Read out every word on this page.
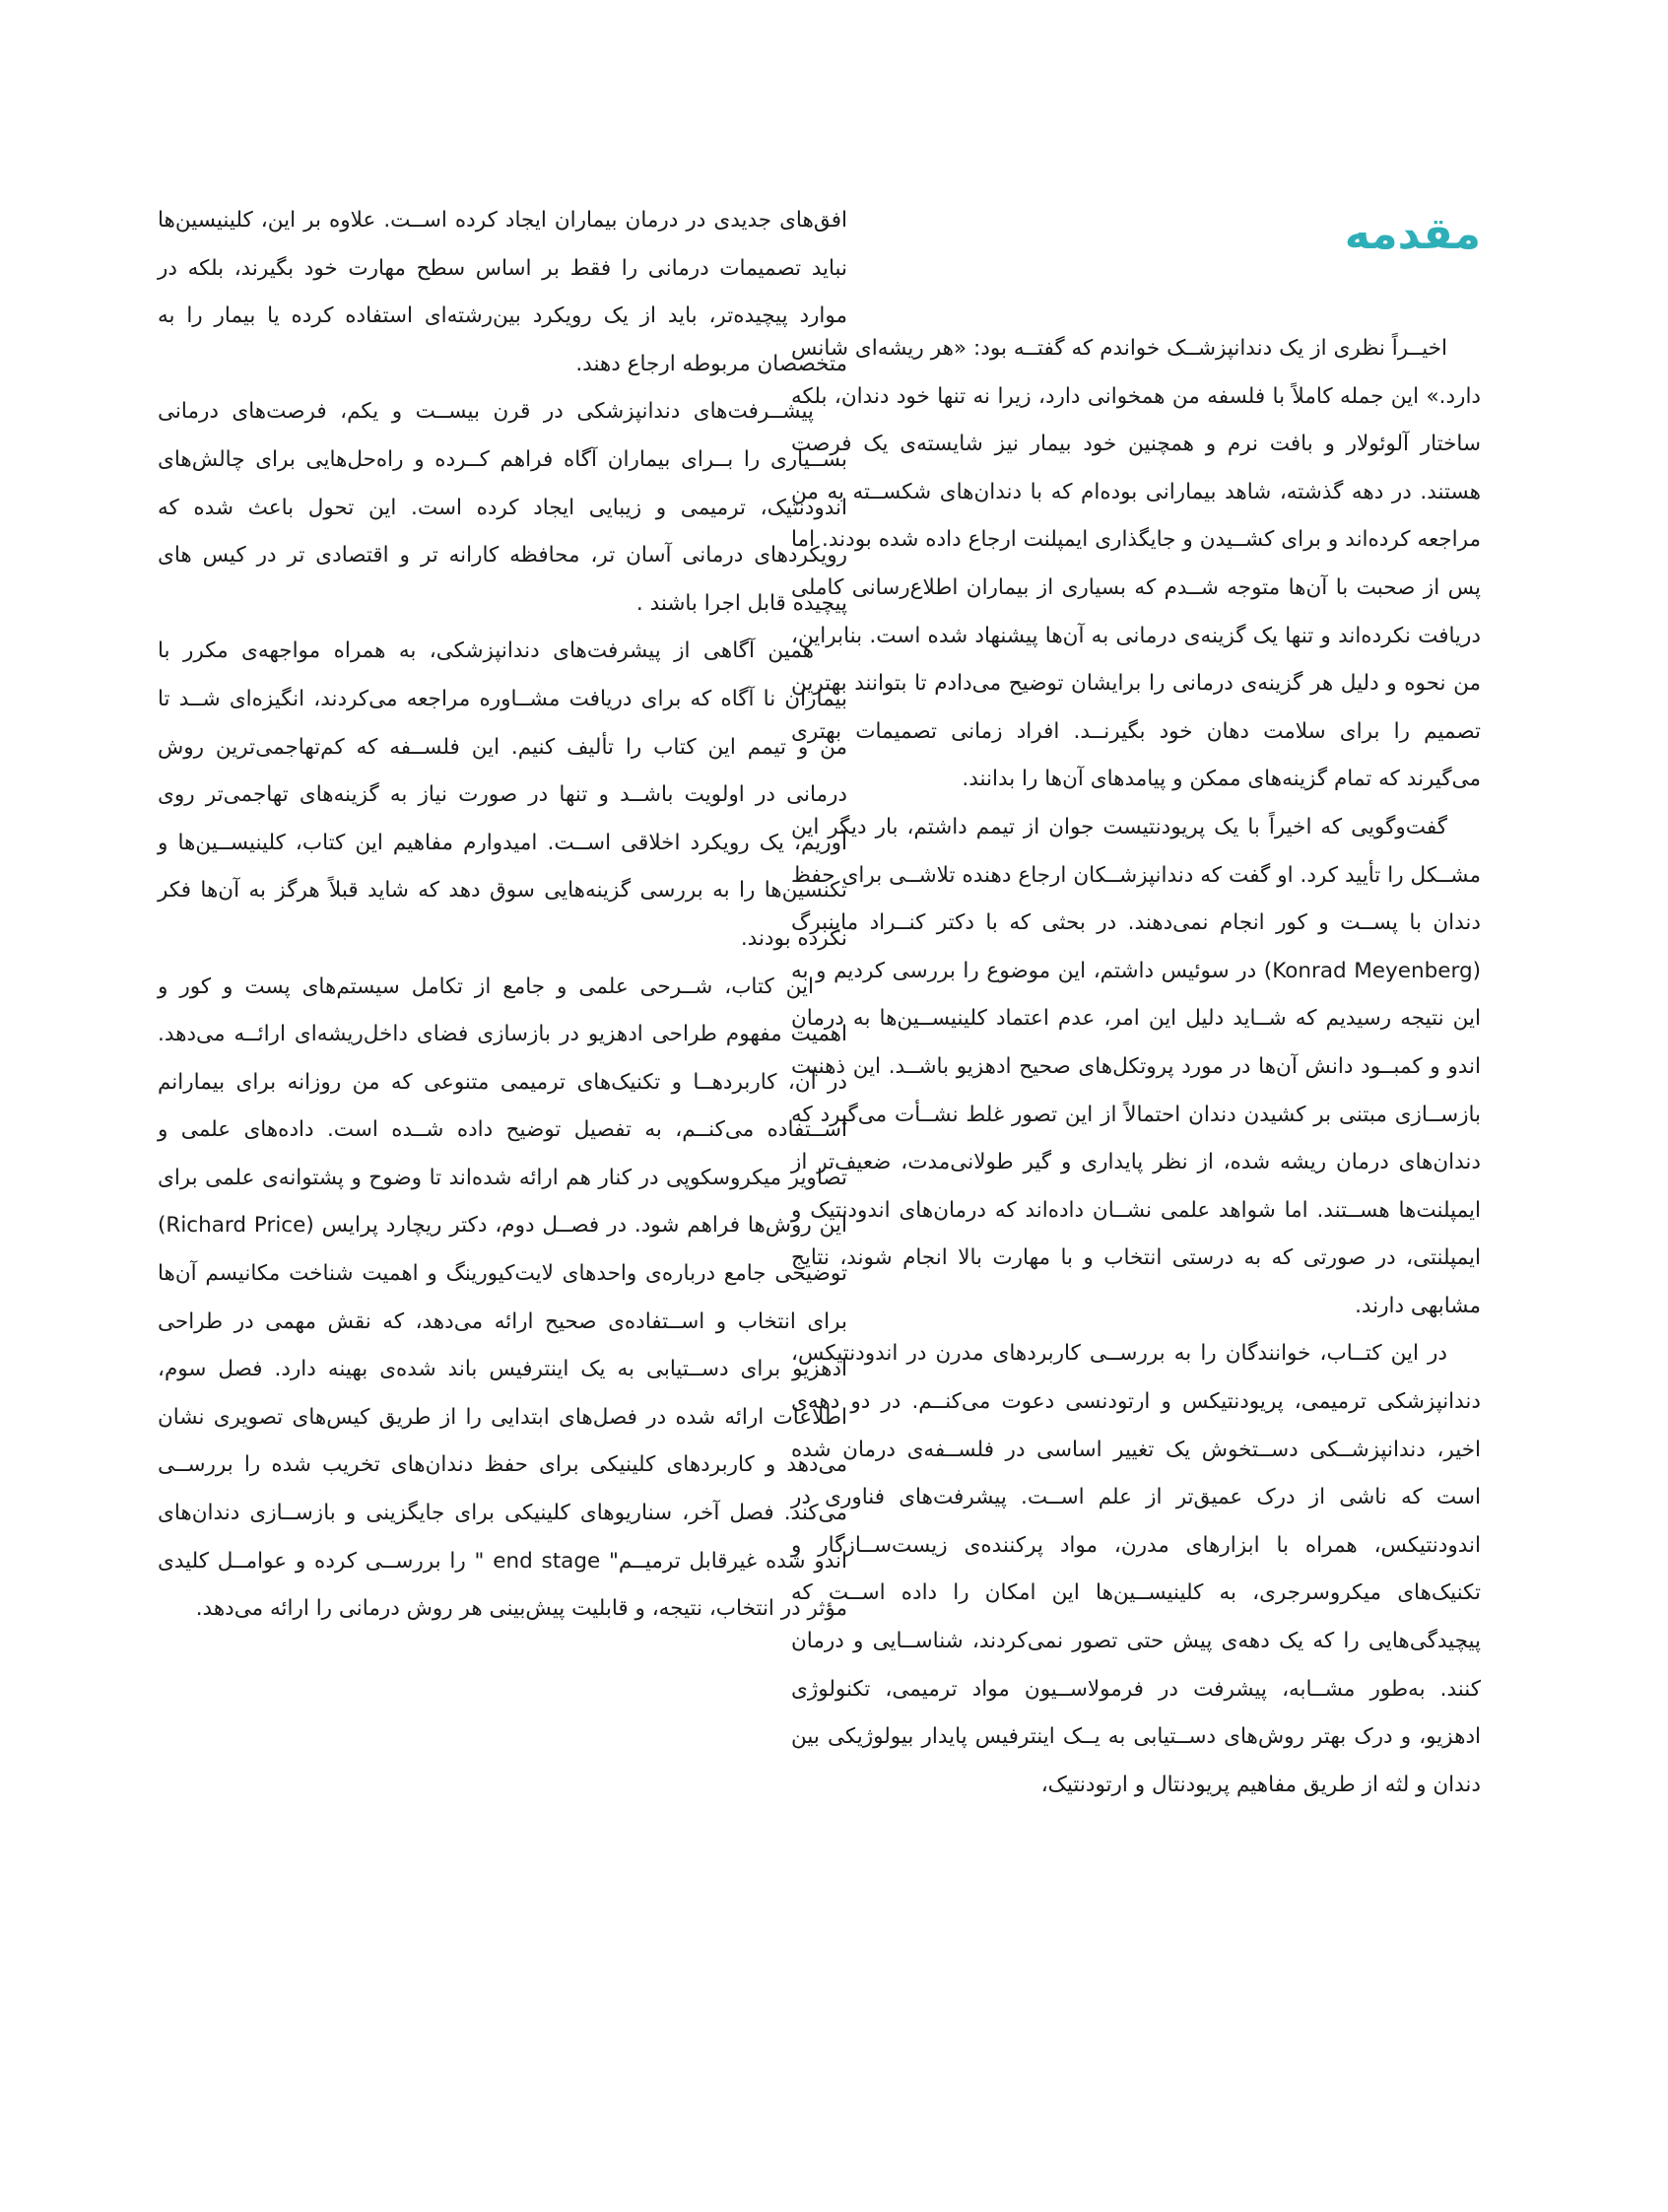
مقدمه

اخیــراً نظری از یک دندانپزشــک خواندم که گفتــه بود: «هر ریشه‌ای شانس دارد.» این جمله کاملاً با فلسفه من همخوانی دارد، زیرا نه تنها خود دندان، بلکه ساختار آلوئولار و بافت نرم و همچنین خود بیمار نیز شایسته‌ی یک فرصت هستند. در دهه گذشته، شاهد بیمارانی بوده‌ام که با دندان‌های شکســته به من مراجعه کرده‌اند و برای کشــیدن و جایگذاری ایمپلنت ارجاع داده شده بودند. اما پس از صحبت با آن‌ها متوجه شــدم که بسیاری از بیماران اطلاع‌رسانی کاملی دریافت نکرده‌اند و تنها یک گزینه‌ی درمانی به آن‌ها پیشنهاد شده است. بنابراین، من نحوه و دلیل هر گزینه‌ی درمانی را برایشان توضیح می‌دادم تا بتوانند بهترین تصمیم را برای سلامت دهان خود بگیرنــد. افراد زمانی تصمیمات بهتری می‌گیرند که تمام گزینه‌های ممکن و پیامدهای آن‌ها را بدانند.

گفت‌وگویی که اخیراً با یک پریودنتیست جوان از تیمم داشتم، بار دیگر این مشــکل را تأیید کرد. او گفت که دندانپزشــکان ارجاع دهنده تلاشــی برای حفظ دندان با پســت و کور انجام نمی‌دهند. در بحثی که با دکتر کنــراد ماینبرگ (Konrad Meyenberg) در سوئیس داشتم، این موضوع را بررسی کردیم و به این نتیجه رسیدیم که شــاید دلیل این امر، عدم اعتماد کلینیســین‌ها به درمان اندو و کمبــود دانش آن‌ها در مورد پروتکل‌های صحیح ادهزیو باشــد. این ذهنیت بازســازی مبتنی بر کشیدن دندان احتمالاً از این تصور غلط نشــأت می‌گیرد که دندان‌های درمان ریشه شده، از نظر پایداری و گیر طولانی‌مدت، ضعیف‌تر از ایمپلنت‌ها هســتند. اما شواهد علمی نشــان داده‌اند که درمان‌های اندودنتیک و ایمپلنتی، در صورتی که به درستی انتخاب و با مهارت بالا انجام شوند، نتایج مشابهی دارند.

در این کتــاب، خوانندگان را به بررســی کاربردهای مدرن در اندودنتیکس، دندانپزشکی ترمیمی، پریودنتیکس و ارتودنسی دعوت می‌کنــم. در دو دهه‌ی اخیر، دندانپزشــکی دســتخوش یک تغییر اساسی در فلســفه‌ی درمان شده است که ناشی از درک عمیق‌تر از علم اســت. پیشرفت‌های فناوری در اندودنتیکس، همراه با ابزارهای مدرن، مواد پرکننده‌ی زیست‌ســازگار و تکنیک‌های میکروسرجری، به کلینیســین‌ها این امکان را داده اســت که پیچیدگی‌هایی را که یک دهه‌ی پیش حتی تصور نمی‌کردند، شناســایی و درمان کنند. به‌طور مشــابه، پیشرفت در فرمولاســیون مواد ترمیمی، تکنولوژی ادهزیو، و درک بهتر روش‌های دســتیابی به یــک اینترفیس پایدار بیولوژیکی بین دندان و لثه از طریق مفاهیم پریودنتال و ارتودنتیک،

افق‌های جدیدی در درمان بیماران ایجاد کرده اســت. علاوه بر این، کلینیسین‌ها نباید تصمیمات درمانی را فقط بر اساس سطح مهارت خود بگیرند، بلکه در موارد پیچیده‌تر، باید از یک رویکرد بین‌رشته‌ای استفاده کرده یا بیمار را به متخصصان مربوطه ارجاع دهند.

پیشــرفت‌های دندانپزشکی در قرن بیســت و یکم، فرصت‌های درمانی بســیاری را بــرای بیماران آگاه فراهم کــرده و راه‌حل‌هایی برای چالش‌های اندودنتیک، ترمیمی و زیبایی ایجاد کرده است. این تحول باعث شده که رویکردهای درمانی آسان تر، محافظه کارانه تر و اقتصادی تر در کیس های پیچیده قابل اجرا باشند .

همین آگاهی از پیشرفت‌های دندانپزشکی، به همراه مواجهه‌ی مکرر با بیماران نا آگاه که برای دریافت مشــاوره مراجعه می‌کردند، انگیزه‌ای شــد تا من و تیمم این کتاب را تألیف کنیم. این فلســفه که کم‌تهاجمی‌ترین روش درمانی در اولویت باشــد و تنها در صورت نیاز به گزینه‌های تهاجمی‌تر روی آوریم، یک رویکرد اخلاقی اســت. امیدوارم مفاهیم این کتاب، کلینیســین‌ها و تکنسین‌ها را به بررسی گزینه‌هایی سوق دهد که شاید قبلاً هرگز به آن‌ها فکر نکرده بودند.

این کتاب، شــرحی علمی و جامع از تکامل سیستم‌های پست و کور و اهمیت مفهوم طراحی ادهزیو در بازسازی فضای داخل‌ریشه‌ای ارائــه می‌دهد. در آن، کاربردهــا و تکنیک‌های ترمیمی متنوعی که من روزانه برای بیمارانم اســتفاده می‌کنــم، به تفصیل توضیح داده شــده است. داده‌های علمی و تصاویر میکروسکوپی در کنار هم ارائه شده‌اند تا وضوح و پشتوانه‌ی علمی برای این روش‌ها فراهم شود. در فصــل دوم، دکتر ریچارد پرایس (Richard Price) توضیحی جامع درباره‌ی واحدهای لایت‌کیورینگ و اهمیت شناخت مکانیسم آن‌ها برای انتخاب و اســتفاده‌ی صحیح ارائه می‌دهد، که نقش مهمی در طراحی ادهزیو برای دســتیابی به یک اینترفیس باند شده‌ی بهینه دارد. فصل سوم، اطلاعات ارائه شده در فصل‌های ابتدایی را از طریق کیس‌های تصویری نشان می‌دهد و کاربردهای کلینیکی برای حفظ دندان‌های تخریب شده را بررســی می‌کند. فصل آخر، سناریوهای کلینیکی برای جایگزینی و بازســازی دندان‌های اندو شده غیرقابل ترمیــم" end stage " را بررســی کرده و عوامــل کلیدی مؤثر در انتخاب، نتیجه، و قابلیت پیش‌بینی هر روش درمانی را ارائه می‌دهد.
